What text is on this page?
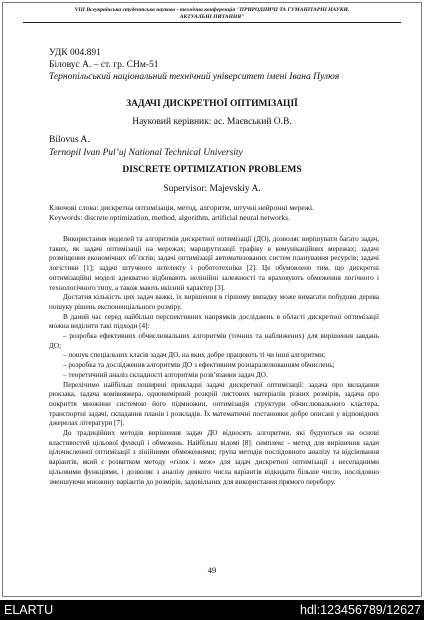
VIII Всеукраїнська студентська науково - технічна конференція "ПРИРОДНИЧІ ТА ГУМАНІТАРНІ НАУКИ.
АКТУАЛЬНІ ПИТАННЯ"
УДК 004.891
Біловус А. – ст. гр. СНм-51
Тернопільський національний технічний університет імені Івана Пулюя
ЗАДАЧІ ДИСКРЕТНОЇ ОПТИМІЗАЦІЇ
Науковий керівник: ас. Маєвський О.В.
Bilovus A.
Ternopil Ivan Pul’uj National Technical University
DISCRETE OPTIMIZATION PROBLEMS
Supervisor: Majevskiy A.
Ключові слова: дискретна оптимізація, метод, алгоритм, штучні нейронні мережі.
Keywords: discrete optimization, method, algorithm, artificial neural networks.

Використання моделей та алгоритмів дискретної оптимізації (ДО), дозволяє вирішувати багато задач, таких, як задачі оптимізації на мережах; маршрутизації трафіку в комунікаційних мережах; задачі розміщення економічних об’єктів; задачі оптимізації автоматизованих систем планування ресурсів; задачі логістики [1]; задачі штучного інтелекту і робототехніки [2]. Це обумовлено тим, що дискретні оптимізаційні моделі адекватно відбивають нелінійні залежності та враховують обмеження логічного і технологічного типу, а також мають вкісний характер [3].

Достатня кількість цих задач важкі, їх вирішення в гіршому випадку може вимагати побудови дерева пошуку рішень експоненціального розміру.

В даний час серед найбільш перспективних напрямків досліджень в області дискретної оптимізації можна виділити такі підходи [4]:

– розробка ефективних обчислювальних алгоритмів (точних та наближених) для вирішення завдань ДО;

– пошук спеціальних класів задач ДО, на яких добре працюють ті чи інші алгоритми;

– розробка та дослідження алгоритмів ДО з ефективним розпаралелюванням обчислень;

– теоретичний аналіз складності алгоритмів розв’язання задач ДО.

Перелічимо найбільш поширені прикладні задачі дискретної оптимізації: задача про вкладання рюкзака, задача комівояжера, одновимірний розкрій листових матеріалів різних розмірів, задача про покриття множини системою його підмножин, оптимізація структури обчислювального кластера, транспортні задачі, складання планів і розкладів. Їх математичні постановки добре описані у відповідних джерелах літератури [7].

До традиційних методів вирішення задач ДО відносять алгоритми, які будуються на основі властивостей цільової функції і обмежень. Найбільш відомі [8]: симплекс - метод для вирішення задач цілочисленної оптимізації з лінійними обмеженнями; група методів послідовного аналізу та відсіювання варіантів, який є розвитком методу «гілок і меж» для задач дискретної оптимізації з несепадними цільовими функціями, і дозволяє з аналізу деякого числа варіантів відкидати більше число, послідовно зменшуючи множину варіантів до розмірів, задовільних для використання прямого перебору.

49
ELARTU	hdl:123456789/12627
